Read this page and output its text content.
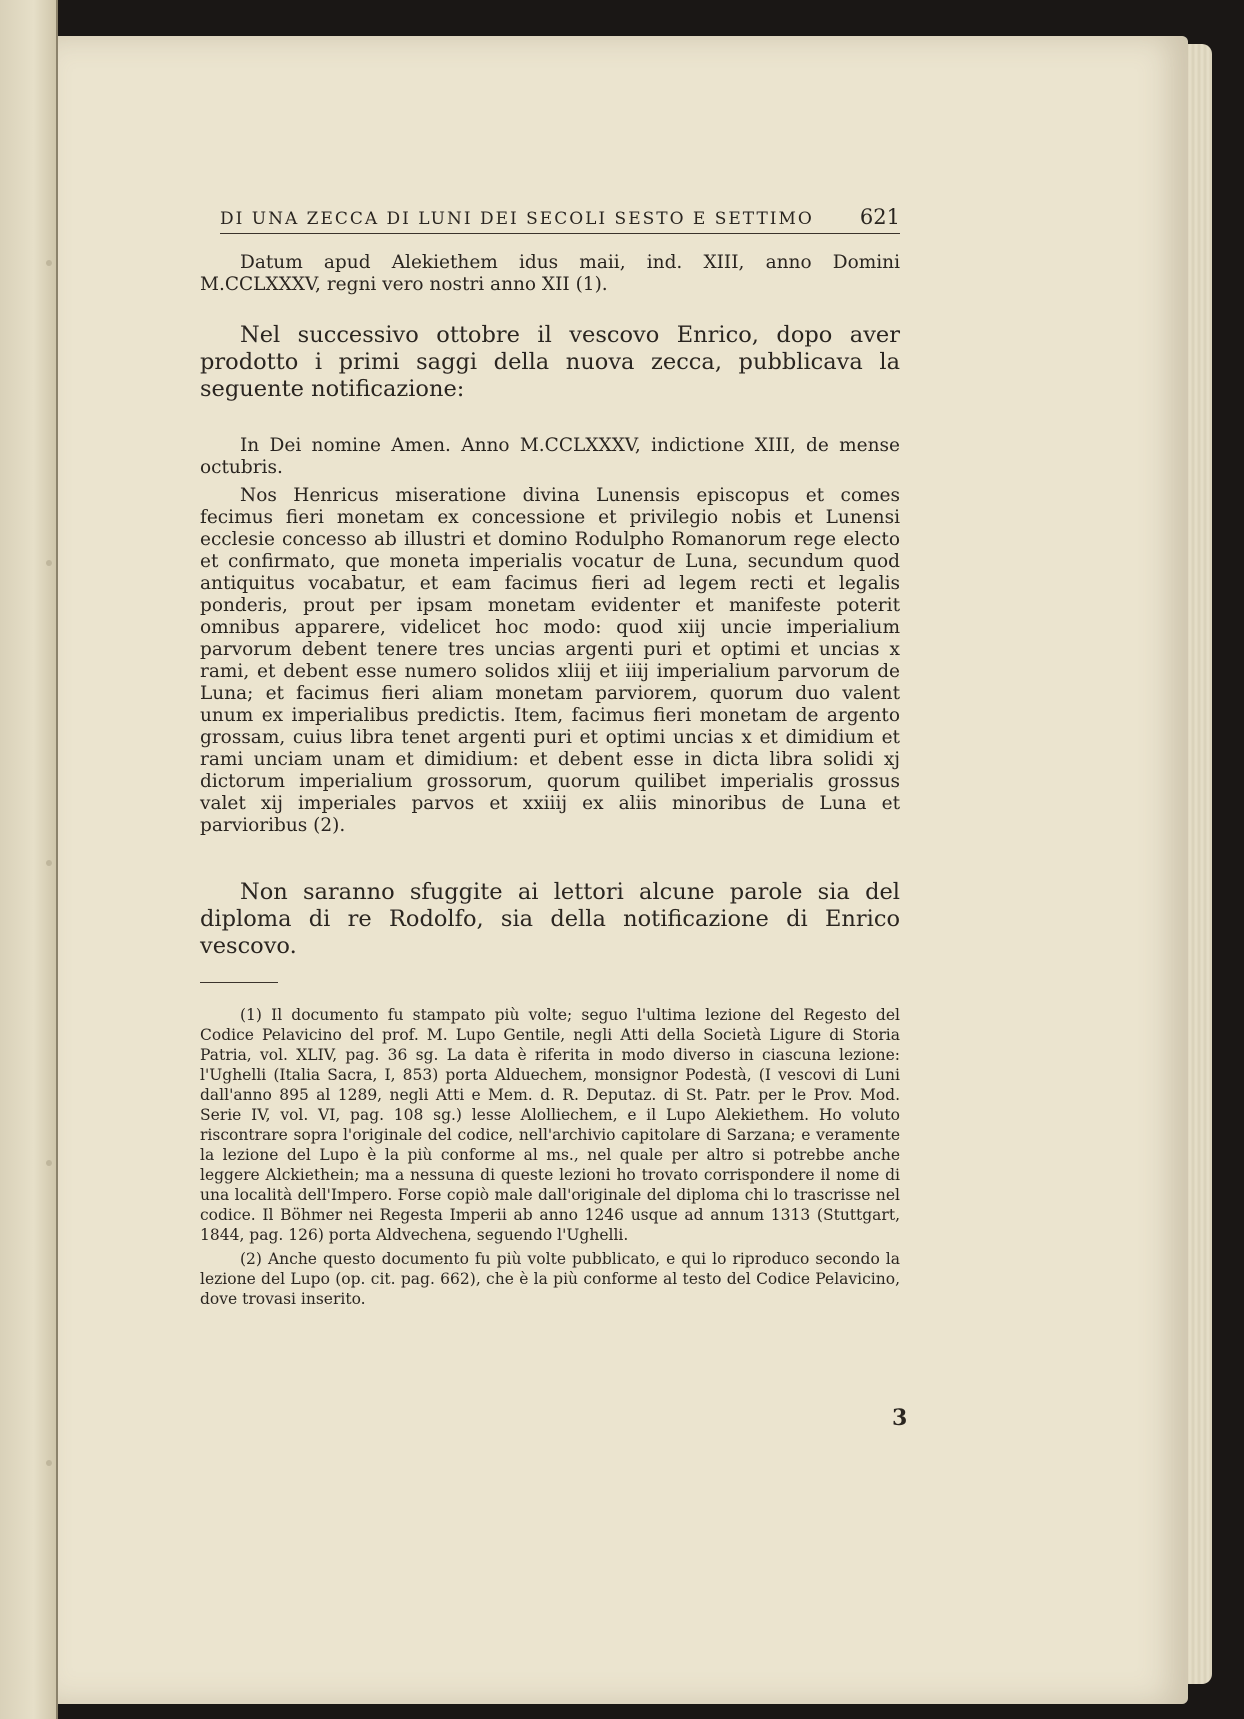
DI UNA ZECCA DI LUNI DEI SECOLI SESTO E SETTIMO 621

Datum apud Alekiethem idus maii, ind. XIII, anno Domini M.CCLXXXV, regni vero nostri anno XII (1).

Nel successivo ottobre il vescovo Enrico, dopo aver prodotto i primi saggi della nuova zecca, pubblicava la seguente notificazione:

In Dei nomine Amen. Anno M.CCLXXXV, indictione XIII, de mense octubris.

Nos Henricus miseratione divina Lunensis episcopus et comes fecimus fieri monetam ex concessione et privilegio nobis et Lunensi ecclesie concesso ab illustri et domino Rodulpho Romanorum rege electo et confirmato, que moneta imperialis vocatur de Luna, secundum quod antiquitus vocabatur, et eam facimus fieri ad legem recti et legalis ponderis, prout per ipsam monetam evidenter et manifeste poterit omnibus apparere, videlicet hoc modo: quod xiij uncie imperialium parvorum debent tenere tres uncias argenti puri et optimi et uncias x rami, et debent esse numero solidos xliij et iiij imperialium parvorum de Luna; et facimus fieri aliam monetam parviorem, quorum duo valent unum ex imperialibus predictis. Item, facimus fieri monetam de argento grossam, cuius libra tenet argenti puri et optimi uncias x et dimidium et rami unciam unam et dimidium: et debent esse in dicta libra solidi xj dictorum imperialium grossorum, quorum quilibet imperialis grossus valet xij imperiales parvos et xxiiij ex aliis minoribus de Luna et parvioribus (2).

Non saranno sfuggite ai lettori alcune parole sia del diploma di re Rodolfo, sia della notificazione di Enrico vescovo.

(1) Il documento fu stampato più volte; seguo l'ultima lezione del Regesto del Codice Pelavicino del prof. M. Lupo Gentile, negli Atti della Società Ligure di Storia Patria, vol. XLIV, pag. 36 sg. La data è riferita in modo diverso in ciascuna lezione: l'Ughelli (Italia Sacra, I, 853) porta Alduechem, monsignor Podestà, (I vescovi di Luni dall'anno 895 al 1289, negli Atti e Mem. d. R. Deputaz. di St. Patr. per le Prov. Mod. Serie IV, vol. VI, pag. 108 sg.) lesse Alolliechem, e il Lupo Alekiethem. Ho voluto riscontrare sopra l'originale del codice, nell'archivio capitolare di Sarzana; e veramente la lezione del Lupo è la più conforme al ms., nel quale per altro si potrebbe anche leggere Alckiethein; ma a nessuna di queste lezioni ho trovato corrispondere il nome di una località dell'Impero. Forse copiò male dall'originale del diploma chi lo trascrisse nel codice. Il Böhmer nei Regesta Imperii ab anno 1246 usque ad annum 1313 (Stuttgart, 1844, pag. 126) porta Aldvechena, seguendo l'Ughelli.

(2) Anche questo documento fu più volte pubblicato, e qui lo riproduco secondo la lezione del Lupo (op. cit. pag. 662), che è la più conforme al testo del Codice Pelavicino, dove trovasi inserito.

3
